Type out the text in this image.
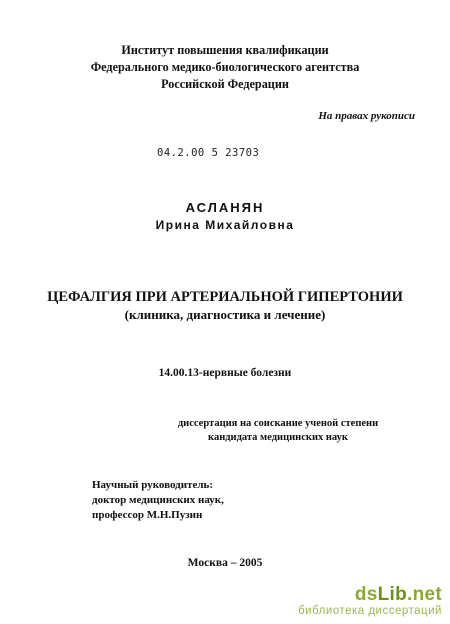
Институт повышения квалификации
Федерального медико-биологического агентства
Российской Федерации
На правах рукописи
04.2.00 5 23703
АСЛАНЯН
Ирина Михайловна
ЦЕФАЛГИЯ ПРИ АРТЕРИАЛЬНОЙ ГИПЕРТОНИИ
(клиника, диагностика и лечение)
14.00.13-нервные болезни
диссертация на соискание ученой степени
кандидата медицинских наук
Научный руководитель:
доктор медицинских наук,
профессор М.Н.Пузин
Москва – 2005
dsLib.net
библиотека диссертаций
